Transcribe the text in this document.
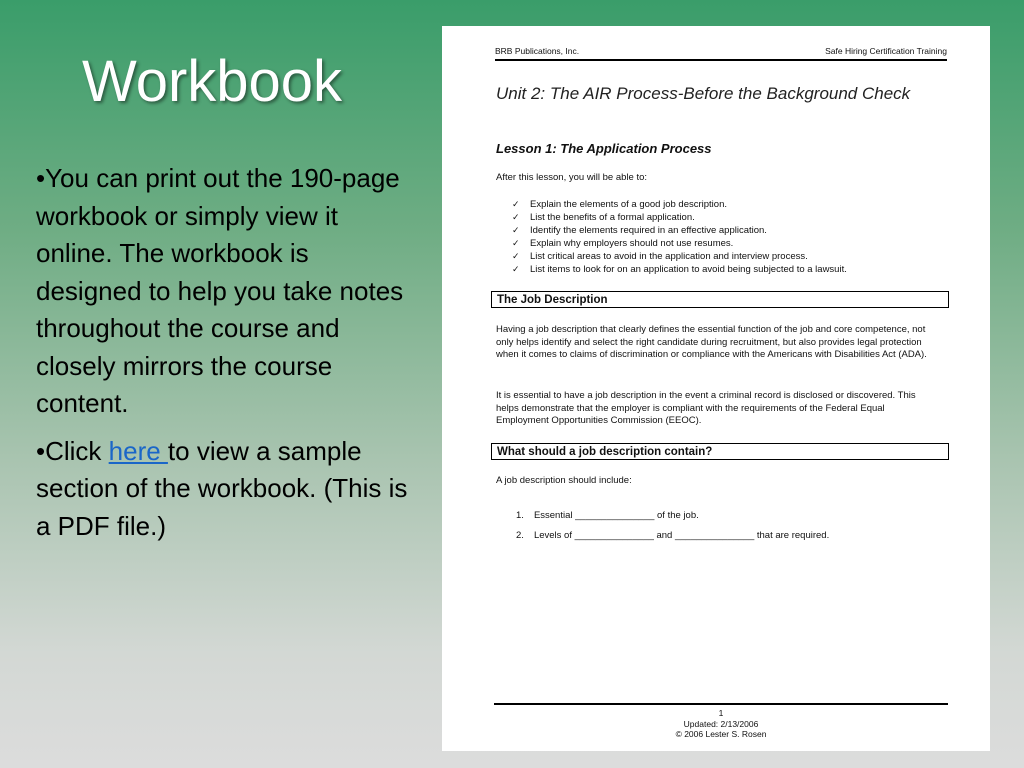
Workbook

•You can print out the 190-page workbook or simply view it online. The workbook is designed to help you take notes throughout the course and closely mirrors the course content.

•Click here to view a sample section of the workbook. (This is a PDF file.)

BRB Publications, Inc.	Safe Hiring Certification Training
Unit 2: The AIR Process-Before the Background Check
Lesson 1: The Application Process
After this lesson, you will be able to:
✓ Explain the elements of a good job description.
✓ List the benefits of a formal application.
✓ Identify the elements required in an effective application.
✓ Explain why employers should not use resumes.
✓ List critical areas to avoid in the application and interview process.
✓ List items to look for on an application to avoid being subjected to a lawsuit.
The Job Description
Having a job description that clearly defines the essential function of the job and core competence, not only helps identify and select the right candidate during recruitment, but also provides legal protection when it comes to claims of discrimination or compliance with the Americans with Disabilities Act (ADA).
It is essential to have a job description in the event a criminal record is disclosed or discovered. This helps demonstrate that the employer is compliant with the requirements of the Federal Equal Employment Opportunities Commission (EEOC).
What should a job description contain?
A job description should include:
1. Essential _______________ of the job.
2. Levels of _______________ and _______________ that are required.
1
Updated: 2/13/2006
© 2006 Lester S. Rosen
